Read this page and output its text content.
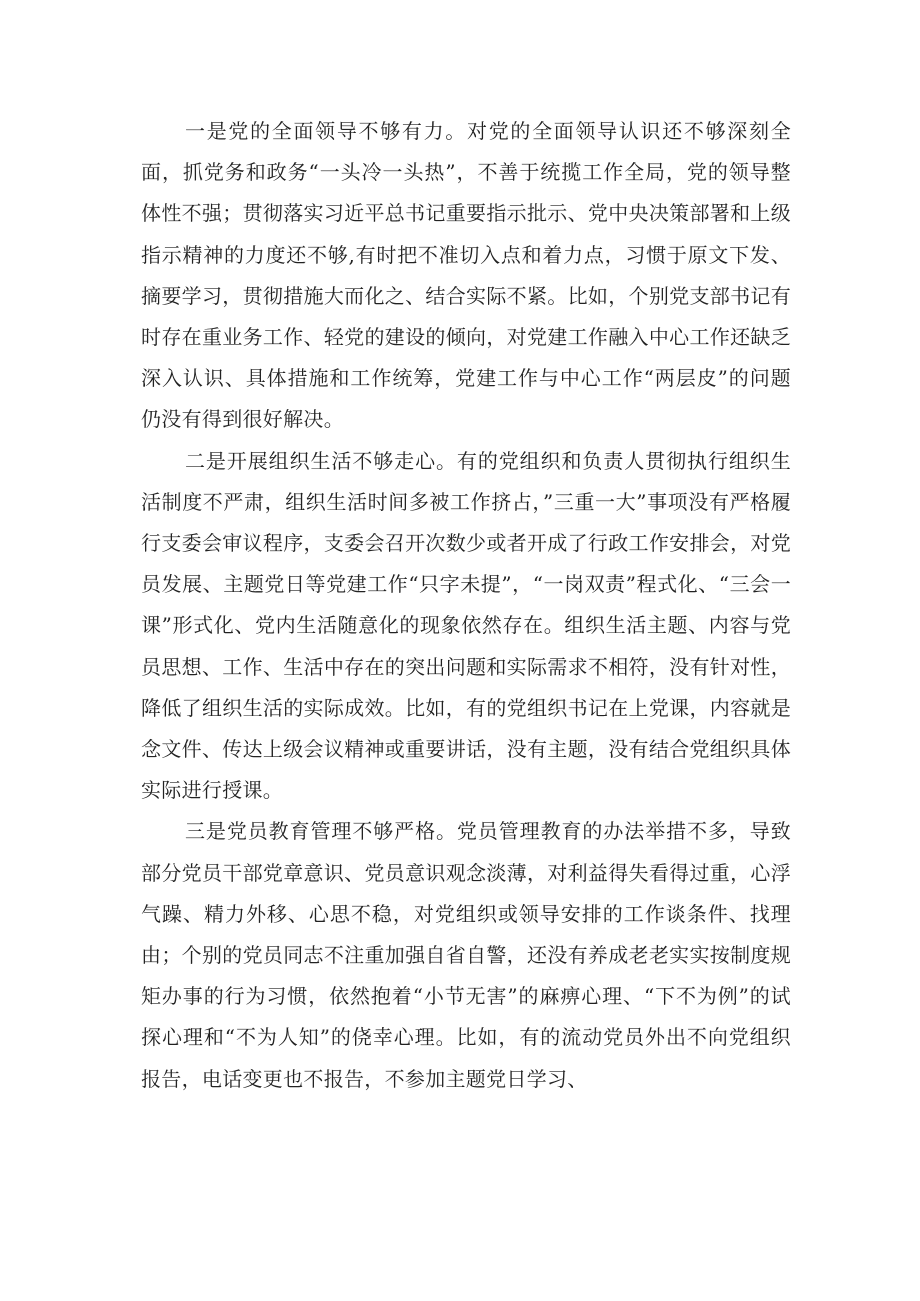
一是党的全面领导不够有力。对党的全面领导认识还不够深刻全面，抓党务和政务“一头冷一头热”，不善于统揽工作全局，党的领导整体性不强；贯彻落实习近平总书记重要指示批示、党中央决策部署和上级指示精神的力度还不够,有时把不准切入点和着力点，习惯于原文下发、摘要学习，贯彻措施大而化之、结合实际不紧。比如，个别党支部书记有时存在重业务工作、轻党的建设的倾向，对党建工作融入中心工作还缺乏深入认识、具体措施和工作统筹，党建工作与中心工作“两层皮”的问题仍没有得到很好解决。

二是开展组织生活不够走心。有的党组织和负责人贯彻执行组织生活制度不严肃，组织生活时间多被工作挤占，”三重一大”事项没有严格履行支委会审议程序，支委会召开次数少或者开成了行政工作安排会，对党员发展、主题党日等党建工作“只字未提”，“一岗双责”程式化、“三会一课”形式化、党内生活随意化的现象依然存在。组织生活主题、内容与党员思想、工作、生活中存在的突出问题和实际需求不相符，没有针对性，降低了组织生活的实际成效。比如，有的党组织书记在上党课，内容就是念文件、传达上级会议精神或重要讲话，没有主题，没有结合党组织具体实际进行授课。

三是党员教育管理不够严格。党员管理教育的办法举措不多，导致部分党员干部党章意识、党员意识观念淡薄，对利益得失看得过重，心浮气躁、精力外移、心思不稳，对党组织或领导安排的工作谈条件、找理由；个别的党员同志不注重加强自省自警，还没有养成老老实实按制度规矩办事的行为习惯，依然抱着“小节无害”的麻痹心理、“下不为例”的试探心理和“不为人知”的侥幸心理。比如，有的流动党员外出不向党组织报告，电话变更也不报告，不参加主题党日学习、
